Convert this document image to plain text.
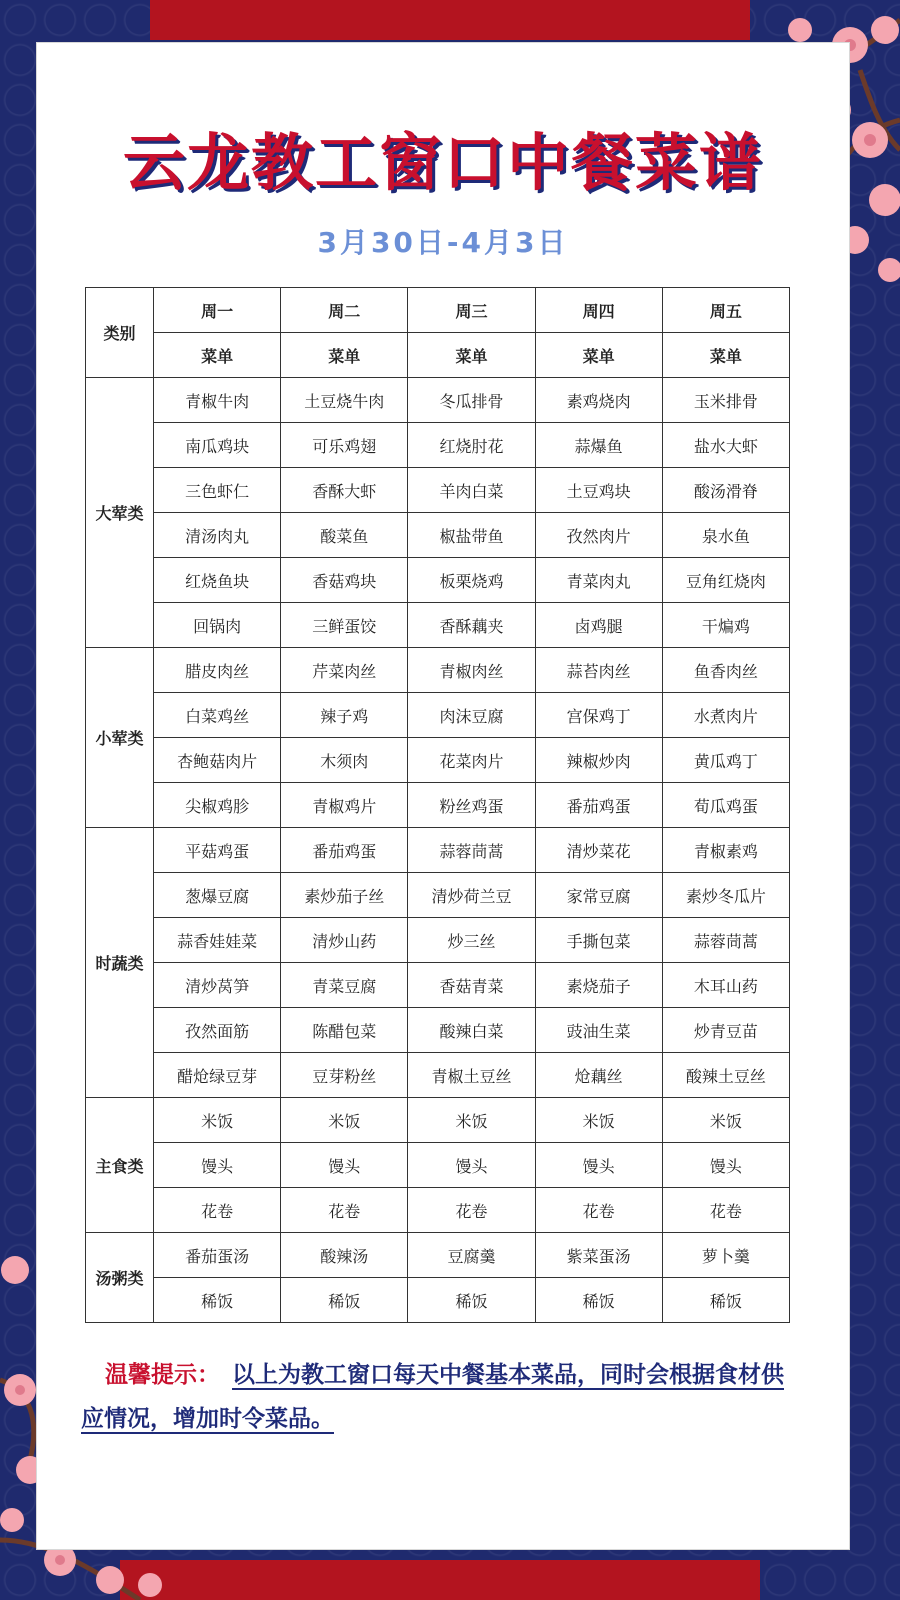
云龙教工窗口中餐菜谱
3月30日-4月3日
类别	周一	周二	周三	周四	周五
	菜单	菜单	菜单	菜单	菜单
大荤类	青椒牛肉	土豆烧牛肉	冬瓜排骨	素鸡烧肉	玉米排骨
	南瓜鸡块	可乐鸡翅	红烧肘花	蒜爆鱼	盐水大虾
	三色虾仁	香酥大虾	羊肉白菜	土豆鸡块	酸汤滑脊
	清汤肉丸	酸菜鱼	椒盐带鱼	孜然肉片	泉水鱼
	红烧鱼块	香菇鸡块	板栗烧鸡	青菜肉丸	豆角红烧肉
	回锅肉	三鲜蛋饺	香酥藕夹	卤鸡腿	干煸鸡
小荤类	腊皮肉丝	芹菜肉丝	青椒肉丝	蒜苔肉丝	鱼香肉丝
	白菜鸡丝	辣子鸡	肉沫豆腐	宫保鸡丁	水煮肉片
	杏鲍菇肉片	木须肉	花菜肉片	辣椒炒肉	黄瓜鸡丁
	尖椒鸡胗	青椒鸡片	粉丝鸡蛋	番茄鸡蛋	荀瓜鸡蛋
时蔬类	平菇鸡蛋	番茄鸡蛋	蒜蓉茼蒿	清炒菜花	青椒素鸡
	葱爆豆腐	素炒茄子丝	清炒荷兰豆	家常豆腐	素炒冬瓜片
	蒜香娃娃菜	清炒山药	炒三丝	手撕包菜	蒜蓉茼蒿
	清炒莴笋	青菜豆腐	香菇青菜	素烧茄子	木耳山药
	孜然面筋	陈醋包菜	酸辣白菜	豉油生菜	炒青豆苗
	醋炝绿豆芽	豆芽粉丝	青椒土豆丝	炝藕丝	酸辣土豆丝
主食类	米饭	米饭	米饭	米饭	米饭
	馒头	馒头	馒头	馒头	馒头
	花卷	花卷	花卷	花卷	花卷
汤粥类	番茄蛋汤	酸辣汤	豆腐羹	紫菜蛋汤	萝卜羹
	稀饭	稀饭	稀饭	稀饭	稀饭
温馨提示： 以上为教工窗口每天中餐基本菜品，同时会根据食材供应情况，增加时令菜品。
